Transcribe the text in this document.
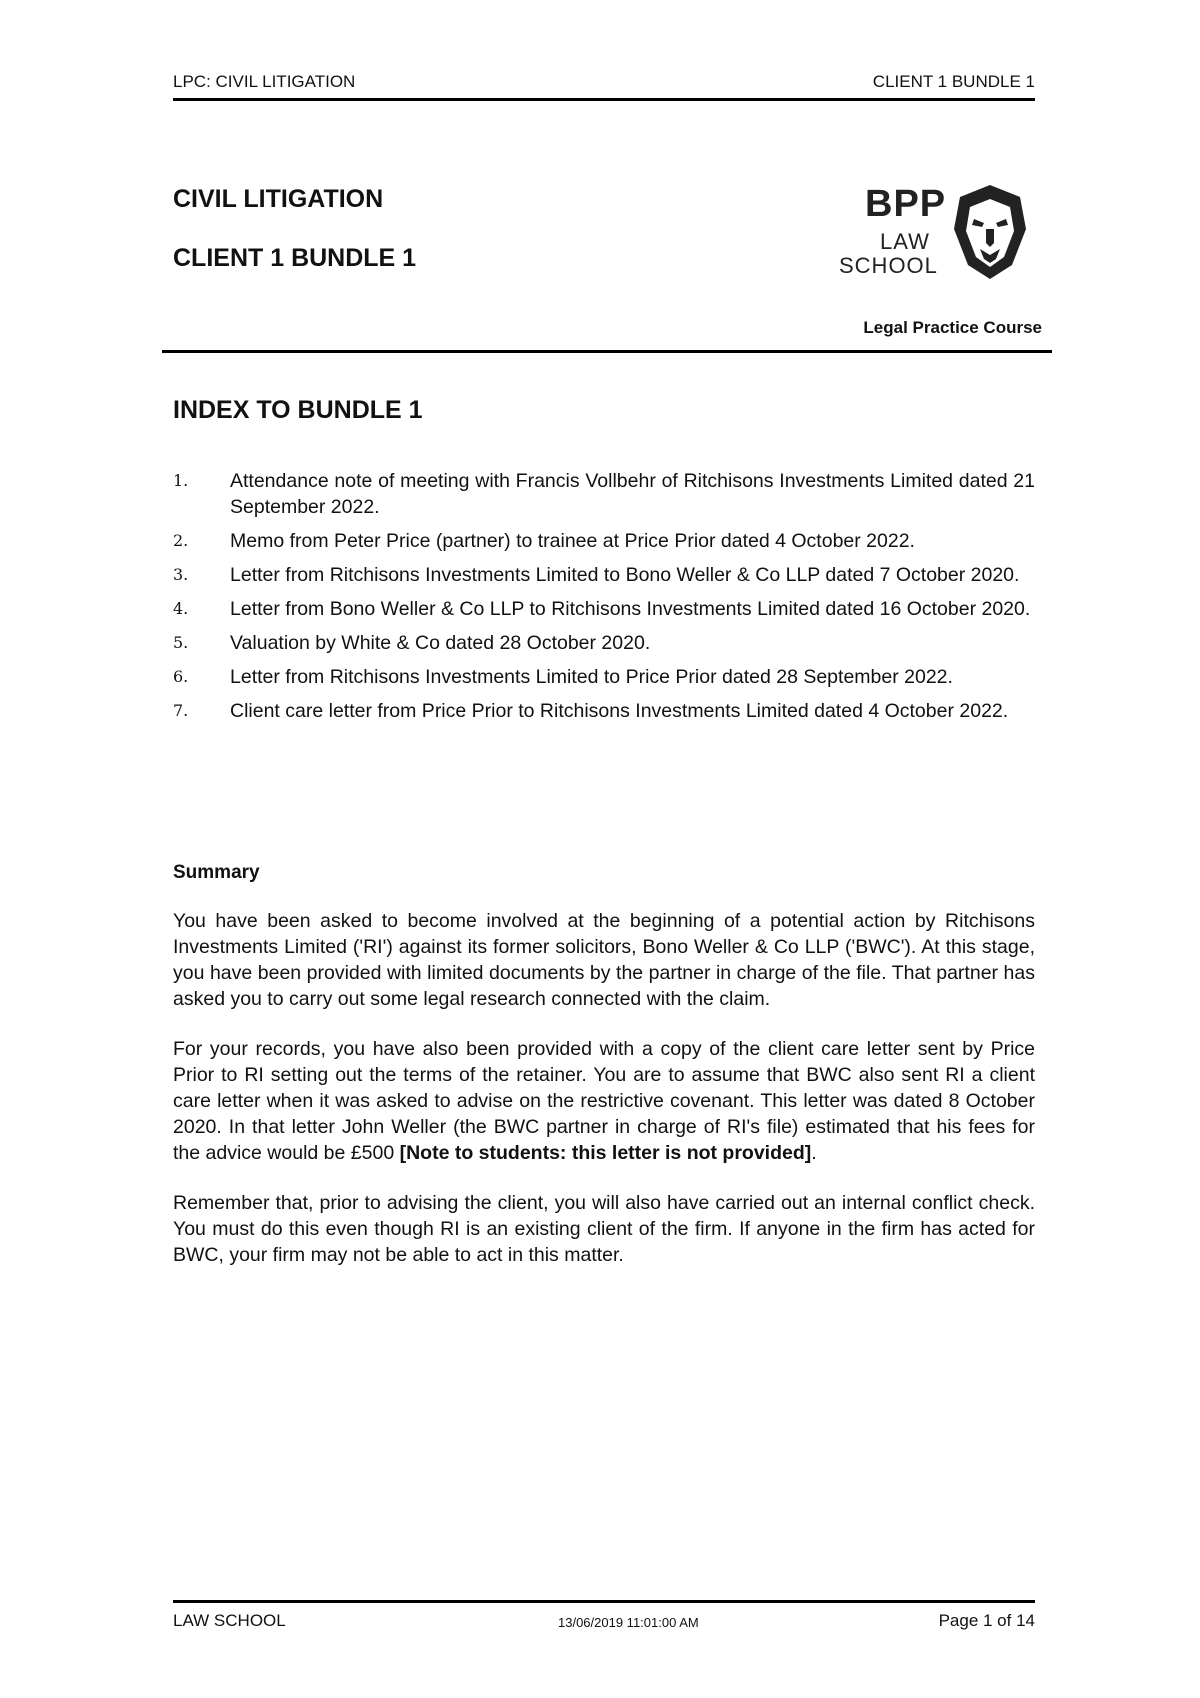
LPC: CIVIL LITIGATION	CLIENT 1 BUNDLE 1
CIVIL LITIGATION
CLIENT 1 BUNDLE 1
BPP
LAW
SCHOOL
Legal Practice Course
INDEX TO BUNDLE 1
1. Attendance note of meeting with Francis Vollbehr of Ritchisons Investments Limited dated 21 September 2022.
2. Memo from Peter Price (partner) to trainee at Price Prior dated 4 October 2022.
3. Letter from Ritchisons Investments Limited to Bono Weller & Co LLP dated 7 October 2020.
4. Letter from Bono Weller & Co LLP to Ritchisons Investments Limited dated 16 October 2020.
5. Valuation by White & Co dated 28 October 2020.
6. Letter from Ritchisons Investments Limited to Price Prior dated 28 September 2022.
7. Client care letter from Price Prior to Ritchisons Investments Limited dated 4 October 2022.
Summary

You have been asked to become involved at the beginning of a potential action by Ritchisons Investments Limited ('RI') against its former solicitors, Bono Weller & Co LLP ('BWC'). At this stage, you have been provided with limited documents by the partner in charge of the file. That partner has asked you to carry out some legal research connected with the claim.

For your records, you have also been provided with a copy of the client care letter sent by Price Prior to RI setting out the terms of the retainer. You are to assume that BWC also sent RI a client care letter when it was asked to advise on the restrictive covenant. This letter was dated 8 October 2020. In that letter John Weller (the BWC partner in charge of RI's file) estimated that his fees for the advice would be £500 [Note to students: this letter is not provided].

Remember that, prior to advising the client, you will also have carried out an internal conflict check. You must do this even though RI is an existing client of the firm. If anyone in the firm has acted for BWC, your firm may not be able to act in this matter.

LAW SCHOOL	13/06/2019 11:01:00 AM	Page 1 of 14
